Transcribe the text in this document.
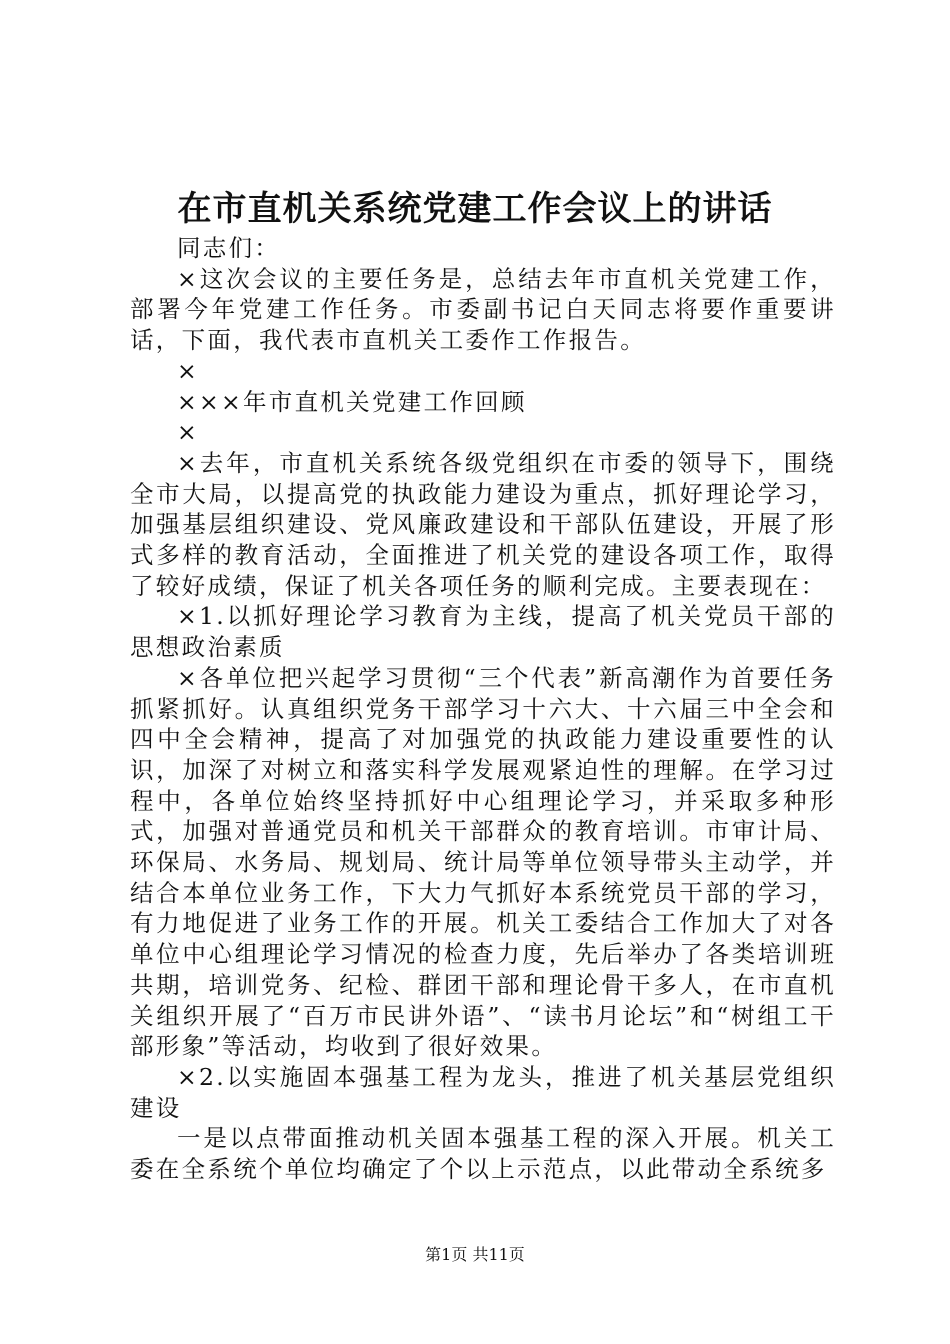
在市直机关系统党建工作会议上的讲话

同志们：

×这次会议的主要任务是，总结去年市直机关党建工作，部署今年党建工作任务。市委副书记白天同志将要作重要讲话，下面，我代表市直机关工委作工作报告。

×

×××年市直机关党建工作回顾

×

×去年，市直机关系统各级党组织在市委的领导下，围绕全市大局，以提高党的执政能力建设为重点，抓好理论学习，加强基层组织建设、党风廉政建设和干部队伍建设，开展了形式多样的教育活动，全面推进了机关党的建设各项工作，取得了较好成绩，保证了机关各项任务的顺利完成。主要表现在：

×1.以抓好理论学习教育为主线，提高了机关党员干部的思想政治素质

×各单位把兴起学习贯彻“三个代表”新高潮作为首要任务抓紧抓好。认真组织党务干部学习十六大、十六届三中全会和四中全会精神，提高了对加强党的执政能力建设重要性的认识，加深了对树立和落实科学发展观紧迫性的理解。在学习过程中，各单位始终坚持抓好中心组理论学习，并采取多种形式，加强对普通党员和机关干部群众的教育培训。市审计局、环保局、水务局、规划局、统计局等单位领导带头主动学，并结合本单位业务工作，下大力气抓好本系统党员干部的学习，有力地促进了业务工作的开展。机关工委结合工作加大了对各单位中心组理论学习情况的检查力度，先后举办了各类培训班共期，培训党务、纪检、群团干部和理论骨干多人，在市直机关组织开展了“百万市民讲外语”、“读书月论坛”和“树组工干部形象”等活动，均收到了很好效果。

×2.以实施固本强基工程为龙头，推进了机关基层党组织建设

一是以点带面推动机关固本强基工程的深入开展。机关工委在全系统个单位均确定了个以上示范点，以此带动全系统多

第1页 共11页
